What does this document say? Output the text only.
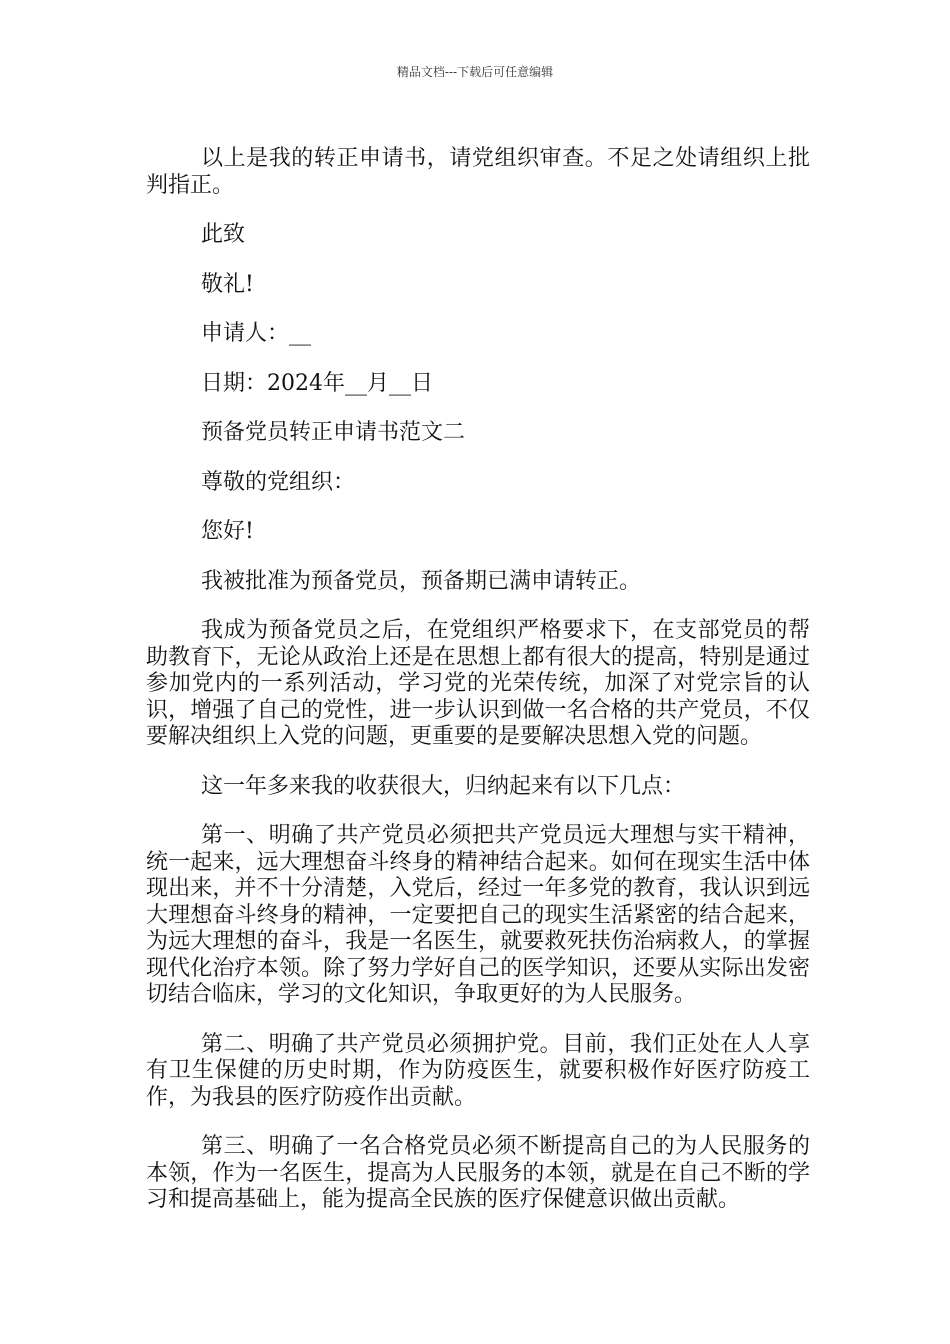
精品文档---下载后可任意编辑

以上是我的转正申请书，请党组织审查。不足之处请组织上批判指正。

此致

敬礼!

申请人：__

日期：2024年__月__日

预备党员转正申请书范文二

尊敬的党组织：

您好!

我被批准为预备党员，预备期已满申请转正。

我成为预备党员之后，在党组织严格要求下，在支部党员的帮助教育下，无论从政治上还是在思想上都有很大的提高，特别是通过参加党内的一系列活动，学习党的光荣传统，加深了对党宗旨的认识，增强了自己的党性，进一步认识到做一名合格的共产党员，不仅要解决组织上入党的问题，更重要的是要解决思想入党的问题。

这一年多来我的收获很大，归纳起来有以下几点：

第一、明确了共产党员必须把共产党员远大理想与实干精神，统一起来，远大理想奋斗终身的精神结合起来。如何在现实生活中体现出来，并不十分清楚，入党后，经过一年多党的教育，我认识到远大理想奋斗终身的精神，一定要把自己的现实生活紧密的结合起来，为远大理想的奋斗，我是一名医生，就要救死扶伤治病救人，的掌握现代化治疗本领。除了努力学好自己的医学知识，还要从实际出发密切结合临床，学习的文化知识，争取更好的为人民服务。

第二、明确了共产党员必须拥护党。目前，我们正处在人人享有卫生保健的历史时期，作为防疫医生，就要积极作好医疗防疫工作，为我县的医疗防疫作出贡献。

第三、明确了一名合格党员必须不断提高自己的为人民服务的本领，作为一名医生，提高为人民服务的本领，就是在自己不断的学习和提高基础上，能为提高全民族的医疗保健意识做出贡献。
